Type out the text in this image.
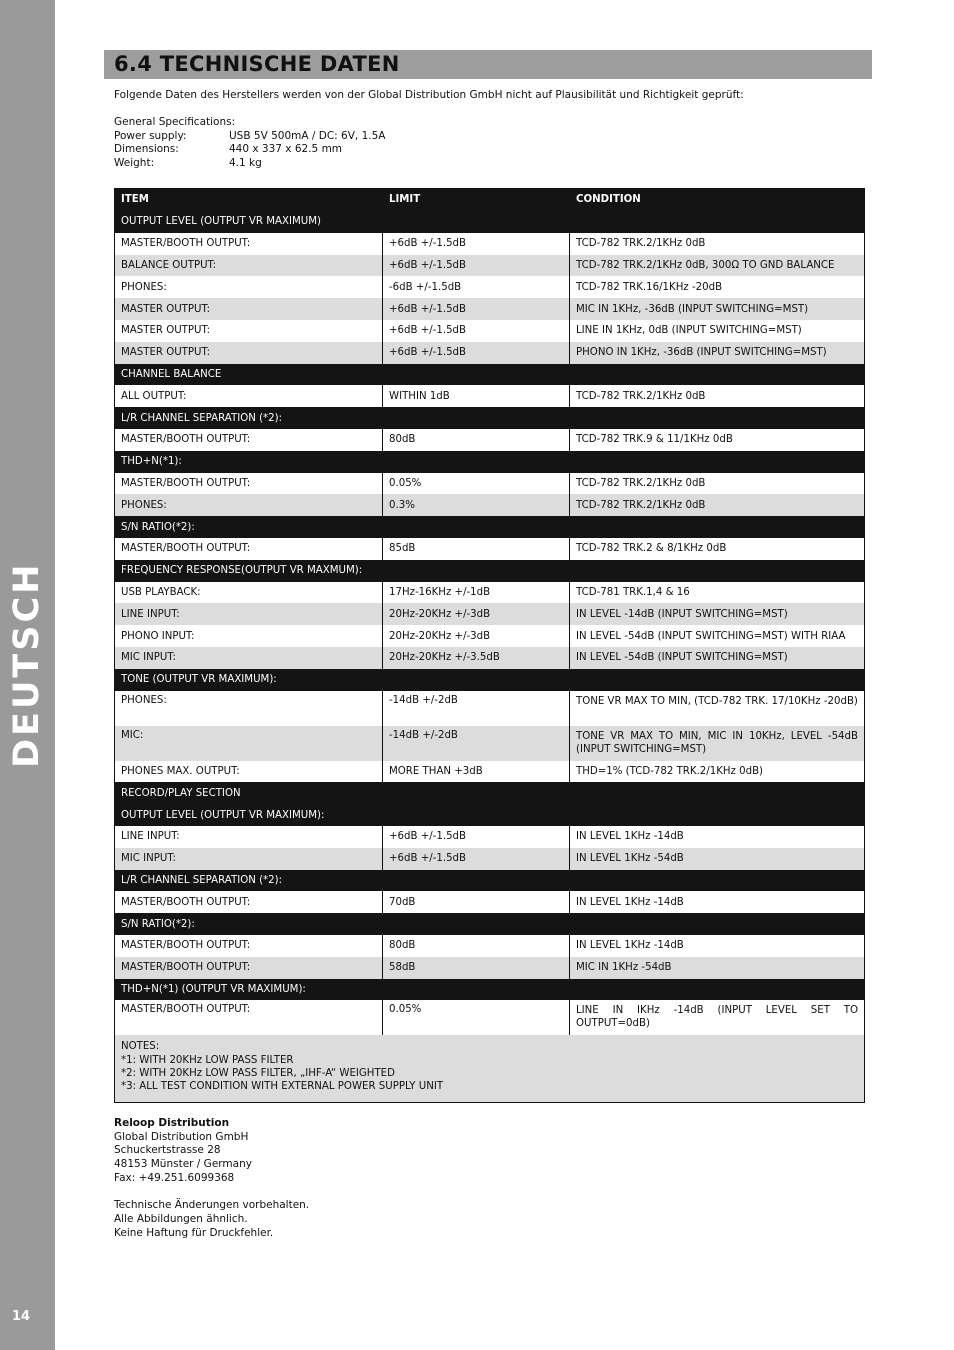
DEUTSCH
14
6.4 TECHNISCHE DATEN
Folgende Daten des Herstellers werden von der Global Distribution GmbH nicht auf Plausibilität und Richtigkeit geprüft:
General Specifications:
Power supply:	USB 5V 500mA / DC: 6V, 1.5A
Dimensions:	440 x 337 x 62.5 mm
Weight:	4.1 kg
ITEM	LIMIT	CONDITION
OUTPUT LEVEL (OUTPUT VR MAXIMUM)		
MASTER/BOOTH OUTPUT:	+6dB +/-1.5dB	TCD-782 TRK.2/1KHz 0dB
BALANCE OUTPUT:	+6dB +/-1.5dB	TCD-782 TRK.2/1KHz 0dB, 300Ω TO GND BALANCE
PHONES:	-6dB +/-1.5dB	TCD-782 TRK.16/1KHz -20dB
MASTER OUTPUT:	+6dB +/-1.5dB	MIC IN 1KHz, -36dB (INPUT SWITCHING=MST)
MASTER OUTPUT:	+6dB +/-1.5dB	LINE IN 1KHz, 0dB (INPUT SWITCHING=MST)
MASTER OUTPUT:	+6dB +/-1.5dB	PHONO IN 1KHz, -36dB (INPUT SWITCHING=MST)
CHANNEL BALANCE		
ALL OUTPUT:	WITHIN 1dB	TCD-782 TRK.2/1KHz 0dB
L/R CHANNEL SEPARATION (*2):		
MASTER/BOOTH OUTPUT:	80dB	TCD-782 TRK.9 & 11/1KHz 0dB
THD+N(*1):		
MASTER/BOOTH OUTPUT:	0.05%	TCD-782 TRK.2/1KHz 0dB
PHONES:	0.3%	TCD-782 TRK.2/1KHz 0dB
S/N RATIO(*2):		
MASTER/BOOTH OUTPUT:	85dB	TCD-782 TRK.2 & 8/1KHz 0dB
FREQUENCY RESPONSE(OUTPUT VR MAXMUM):		
USB PLAYBACK:	17Hz-16KHz +/-1dB	TCD-781 TRK.1,4 & 16
LINE INPUT:	20Hz-20KHz +/-3dB	IN LEVEL -14dB (INPUT SWITCHING=MST)
PHONO INPUT:	20Hz-20KHz +/-3dB	IN LEVEL -54dB (INPUT SWITCHING=MST) WITH RIAA
MIC INPUT:	20Hz-20KHz +/-3.5dB	IN LEVEL -54dB (INPUT SWITCHING=MST)
TONE (OUTPUT VR MAXIMUM):		
PHONES:	-14dB +/-2dB	TONE VR MAX TO MIN, (TCD-782 TRK. 17/10KHz -20dB)
MIC:	-14dB +/-2dB	TONE VR MAX TO MIN, MIC IN 10KHz, LEVEL -54dB (INPUT SWITCHING=MST)
PHONES MAX. OUTPUT:	MORE THAN +3dB	THD=1% (TCD-782 TRK.2/1KHz 0dB)
RECORD/PLAY SECTION		
OUTPUT LEVEL (OUTPUT VR MAXIMUM):		
LINE INPUT:	+6dB +/-1.5dB	IN LEVEL 1KHz -14dB
MIC INPUT:	+6dB +/-1.5dB	IN LEVEL 1KHz -54dB
L/R CHANNEL SEPARATION (*2):		
MASTER/BOOTH OUTPUT:	70dB	IN LEVEL 1KHz -14dB
S/N RATIO(*2):		
MASTER/BOOTH OUTPUT:	80dB	IN LEVEL 1KHz -14dB
MASTER/BOOTH OUTPUT:	58dB	MIC IN 1KHz -54dB
THD+N(*1) (OUTPUT VR MAXIMUM):		
MASTER/BOOTH OUTPUT:	0.05%	LINE IN IKHz -14dB (INPUT LEVEL SET TO OUTPUT=0dB)

NOTES:
*1: WITH 20KHz LOW PASS FILTER
*2: WITH 20KHz LOW PASS FILTER, „IHF-A“ WEIGHTED
*3: ALL TEST CONDITION WITH EXTERNAL POWER SUPPLY UNIT		
Reloop Distribution
Global Distribution GmbH
Schuckertstrasse 28
48153 Münster / Germany
Fax: +49.251.6099368
Technische Änderungen vorbehalten.
Alle Abbildungen ähnlich.
Keine Haftung für Druckfehler.
